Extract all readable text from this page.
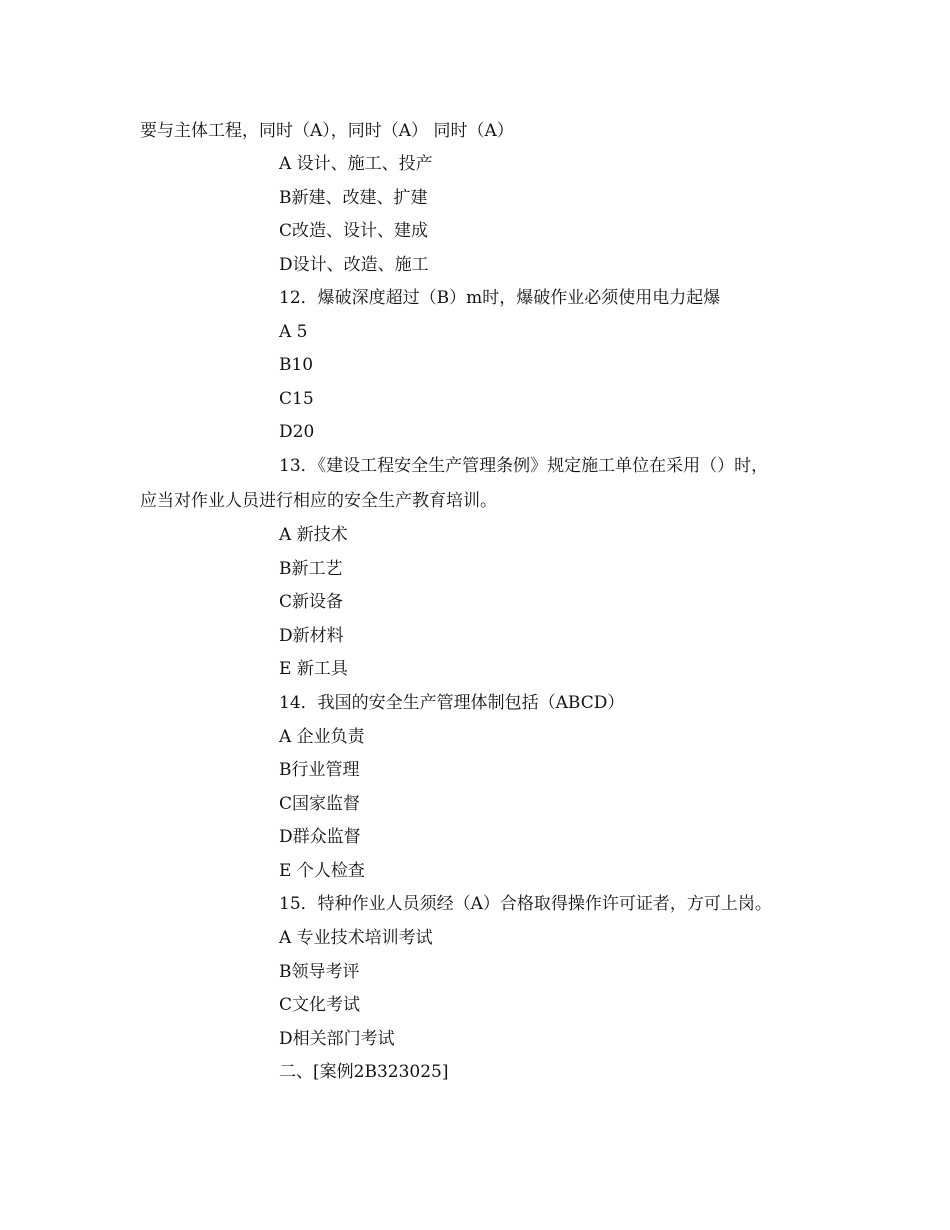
要与主体工程，同时（A），同时（A） 同时（A）
A 设计、施工、投产
B新建、改建、扩建
C改造、设计、建成
D设计、改造、施工
12．爆破深度超过（B）m时，爆破作业必须使用电力起爆
A 5
B10
C15
D20
13．《建设工程安全生产管理条例》规定施工单位在采用（）时，
应当对作业人员进行相应的安全生产教育培训。
A 新技术
B新工艺
C新设备
D新材料
E 新工具
14．我国的安全生产管理体制包括（ABCD）
A 企业负责
B行业管理
C国家监督
D群众监督
E 个人检查
15．特种作业人员须经（A）合格取得操作许可证者，方可上岗。
A 专业技术培训考试
B领导考评
C文化考试
D相关部门考试
二、[案例2B323025]
